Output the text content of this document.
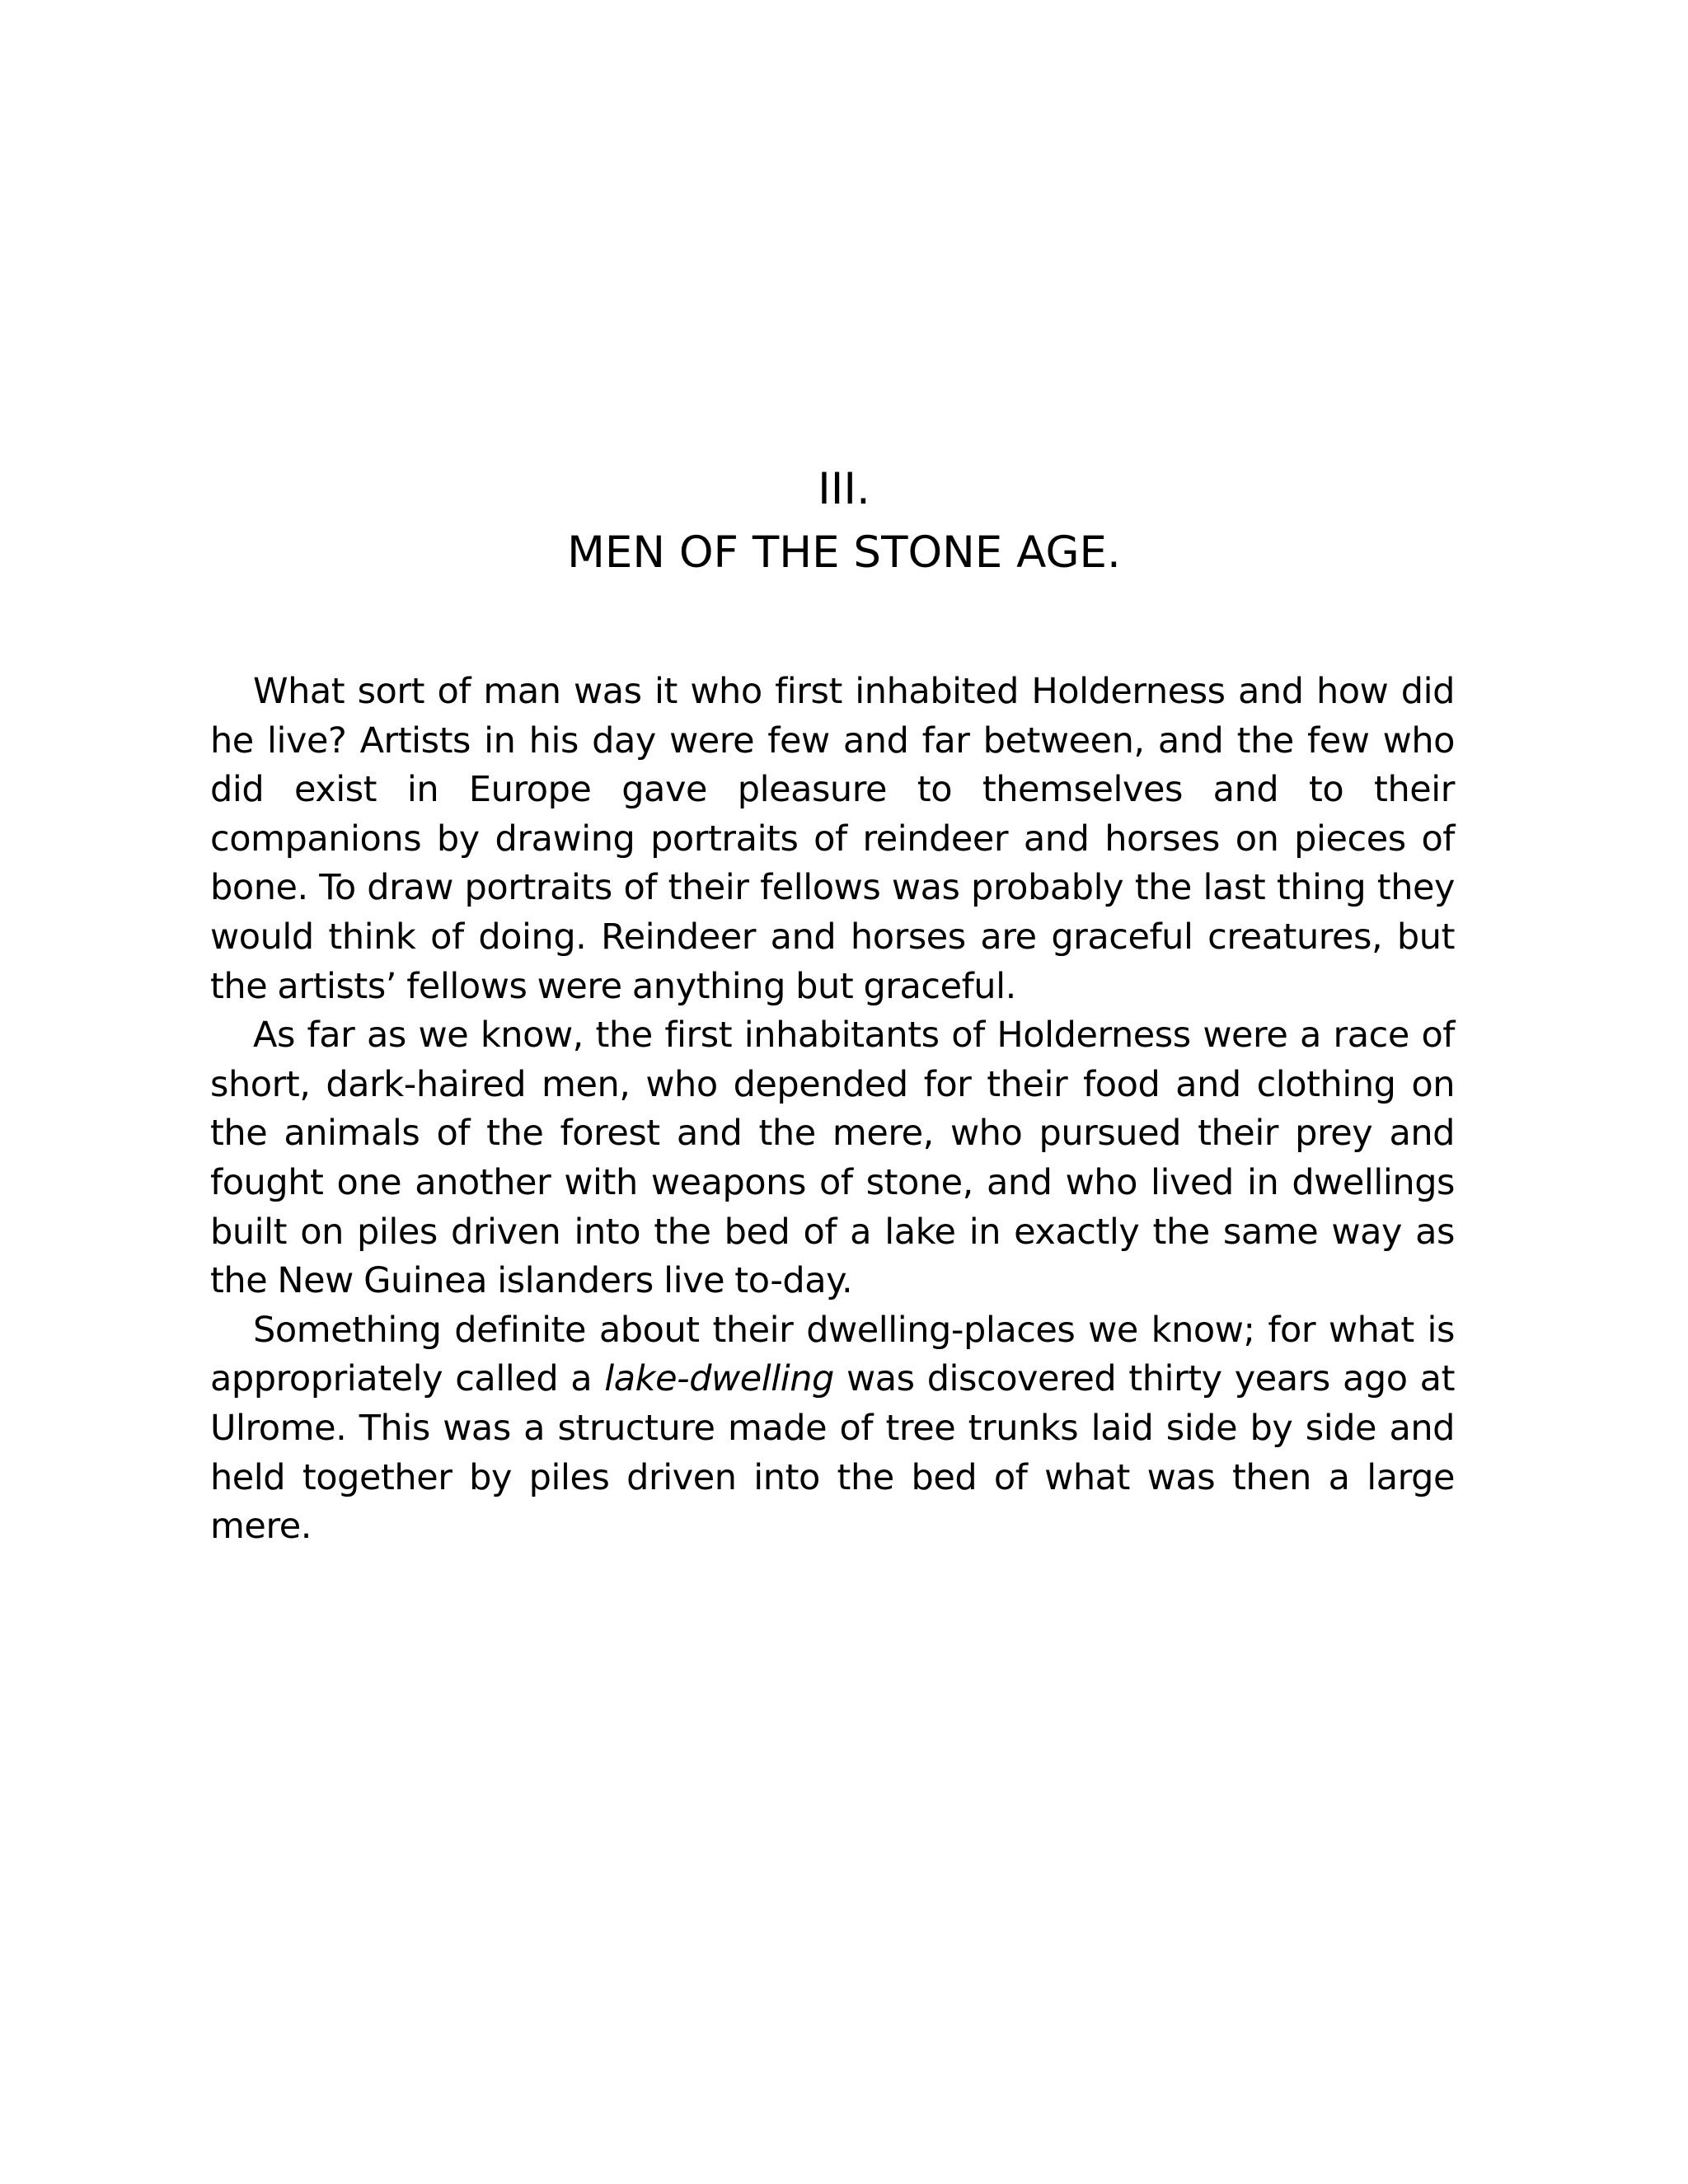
III.
MEN OF THE STONE AGE.

What sort of man was it who first inhabited Holderness and how did he live? Artists in his day were few and far between, and the few who did exist in Europe gave pleasure to themselves and to their companions by drawing portraits of reindeer and horses on pieces of bone. To draw portraits of their fellows was probably the last thing they would think of doing. Reindeer and horses are graceful creatures, but the artists’ fellows were anything but graceful.

As far as we know, the first inhabitants of Holderness were a race of short, dark-haired men, who depended for their food and clothing on the animals of the forest and the mere, who pursued their prey and fought one another with weapons of stone, and who lived in dwellings built on piles driven into the bed of a lake in exactly the same way as the New Guinea islanders live to-day.

Something definite about their dwelling-places we know; for what is appropriately called a lake-dwelling was discovered thirty years ago at Ulrome. This was a structure made of tree trunks laid side by side and held together by piles driven into the bed of what was then a large mere.
